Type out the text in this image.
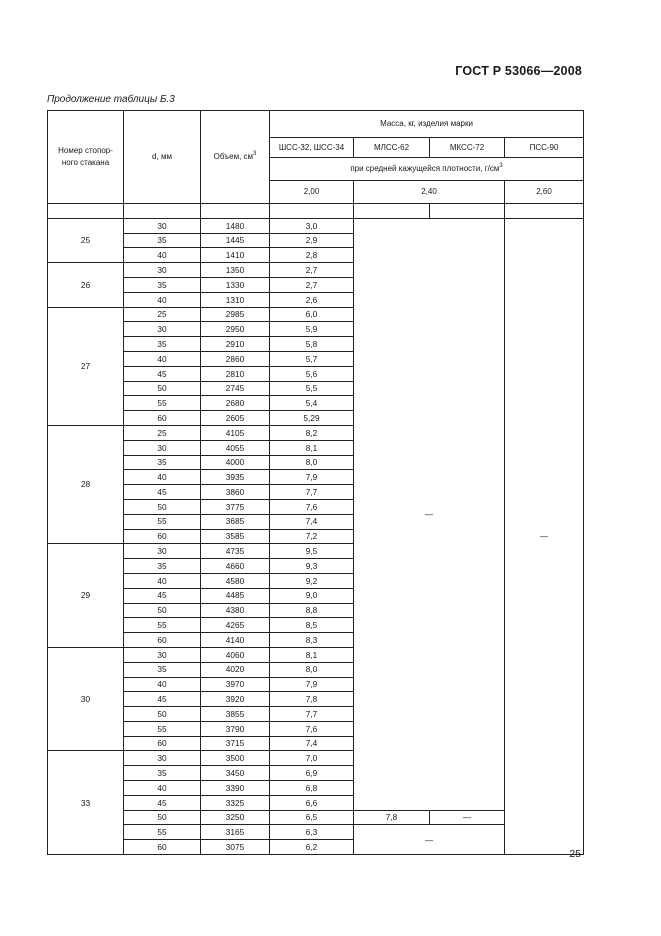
ГОСТ Р 53066—2008
Продолжение таблицы Б.3
Номер стопор-ного стакана	d, мм	Объем, $см^3$	Масса, кг, изделия марки			
			ШСС-32, ШСС-34	МЛСС-62	МКСС-72	ПСС-90
			при средней кажущейся плотности, $г/см^3$
			2,00	2,40		2,60

25	30	1480	3,0	—		—
	35	1445	2,9			
	40	1410	2,8			
26	30	1350	2,7			
	35	1330	2,7			
	40	1310	2,6			
27	25	2985	6,0			
	30	2950	5,9			
	35	2910	5,8			
	40	2860	5,7			
	45	2810	5,6			
	50	2745	5,5			
	55	2680	5,4			
	60	2605	5,29			
28	25	4105	8,2			
	30	4055	8,1			
	35	4000	8,0			
	40	3935	7,9			
	45	3860	7,7			
	50	3775	7,6			
	55	3685	7,4			
	60	3585	7,2			
29	30	4735	9,5			
	35	4660	9,3			
	40	4580	9,2			
	45	4485	9,0			
	50	4380	8,8			
	55	4265	8,5			
	60	4140	8,3			
30	30	4060	8,1			
	35	4020	8,0			
	40	3970	7,9			
	45	3920	7,8			
	50	3855	7,7			
	55	3790	7,6			
	60	3715	7,4			
33	30	3500	7,0			
	35	3450	6,9			
	40	3390	6,8			
	45	3325	6,6			
	50	3250	6,5	7,8	—	
	55	3165	6,3	—		
	60	3075	6,2			
25
